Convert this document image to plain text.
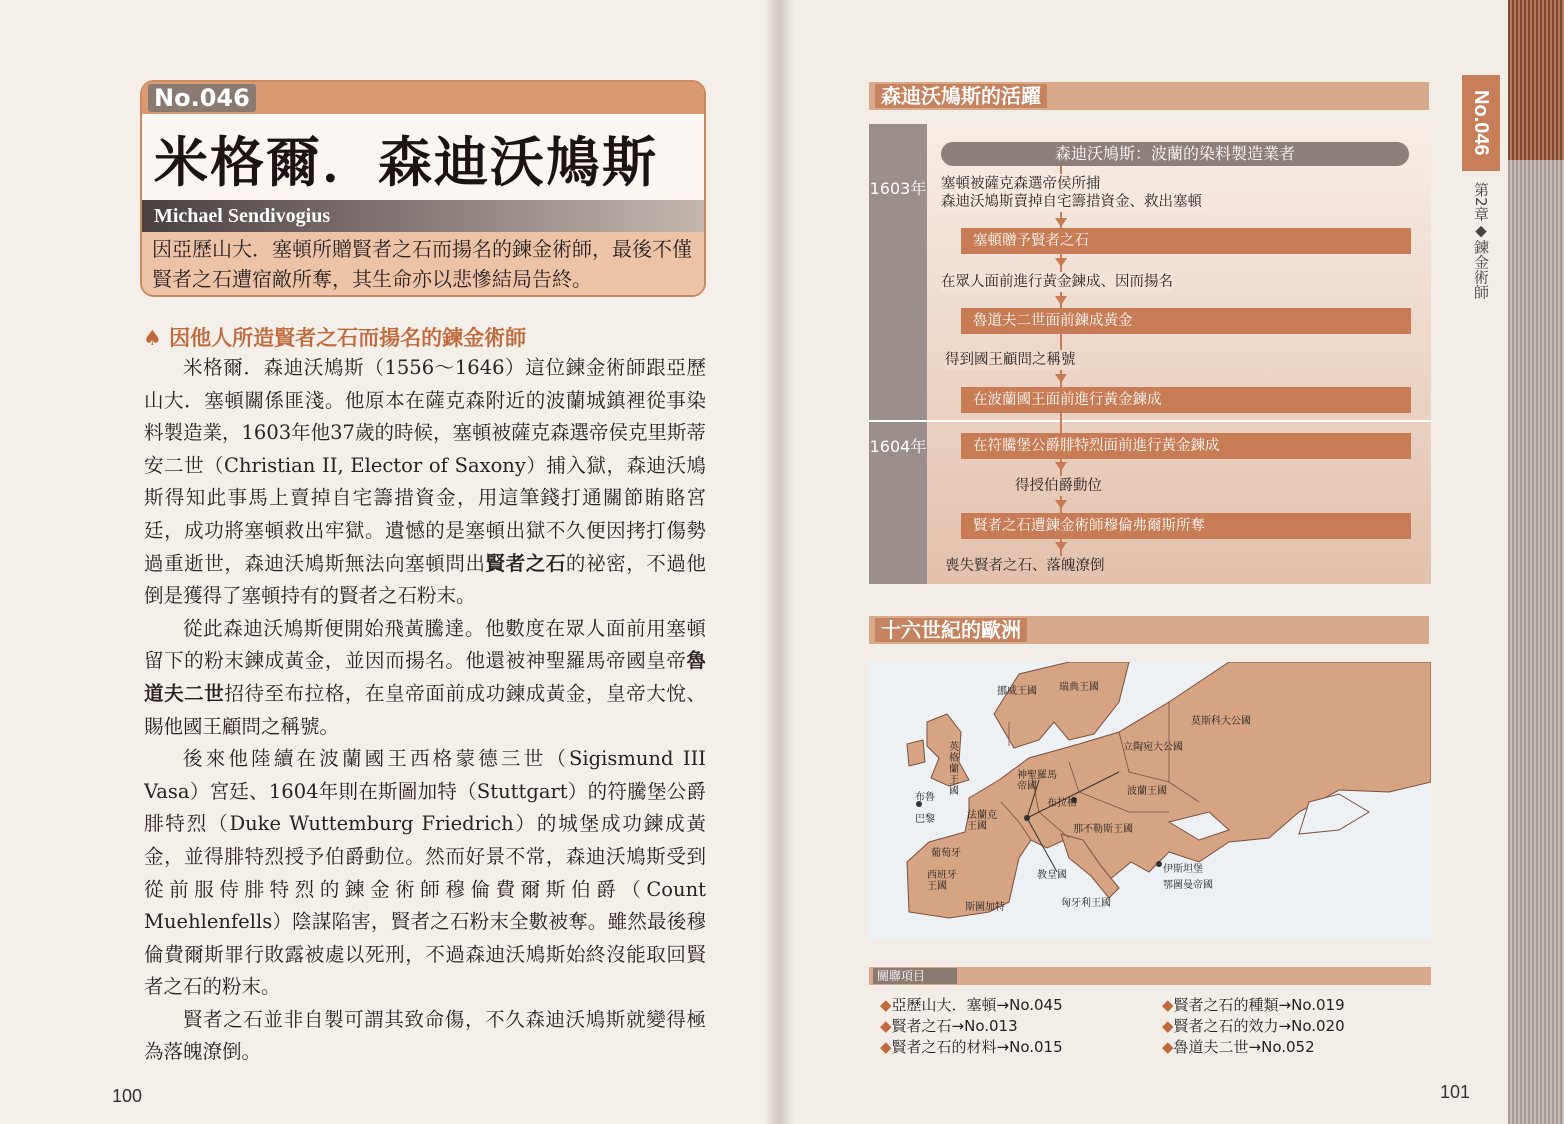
No.046
米格爾．森迪沃鳩斯
Michael Sendivogius
因亞歷山大．塞頓所贈賢者之石而揚名的鍊金術師，最後不僅賢者之石遭宿敵所奪，其生命亦以悲慘結局告終。
♠ 因他人所造賢者之石而揚名的鍊金術師

米格爾．森迪沃鳩斯（1556～1646）這位鍊金術師跟亞歷山大．塞頓關係匪淺。他原本在薩克森附近的波蘭城鎮裡從事染料製造業，1603年他37歲的時候，塞頓被薩克森選帝侯克里斯蒂安二世（Christian II, Elector of Saxony）捕入獄，森迪沃鳩斯得知此事馬上賣掉自宅籌措資金，用這筆錢打通關節賄賂宮廷，成功將塞頓救出牢獄。遺憾的是塞頓出獄不久便因拷打傷勢過重逝世，森迪沃鳩斯無法向塞頓問出賢者之石的祕密，不過他倒是獲得了塞頓持有的賢者之石粉末。

從此森迪沃鳩斯便開始飛黃騰達。他數度在眾人面前用塞頓留下的粉末鍊成黃金，並因而揚名。他還被神聖羅馬帝國皇帝魯道夫二世招待至布拉格，在皇帝面前成功鍊成黃金，皇帝大悅、賜他國王顧問之稱號。

後來他陸續在波蘭國王西格蒙德三世（Sigismund III Vasa）宮廷、1604年則在斯圖加特（Stuttgart）的符騰堡公爵腓特烈（Duke Wuttemburg Friedrich）的城堡成功鍊成黃金，並得腓特烈授予伯爵動位。然而好景不常，森迪沃鳩斯受到從前服侍腓特烈的鍊金術師穆倫費爾斯伯爵（Count Muehlenfells）陰謀陷害，賢者之石粉末全數被奪。雖然最後穆倫費爾斯罪行敗露被處以死刑，不過森迪沃鳩斯始終沒能取回賢者之石的粉末。

賢者之石並非自製可謂其致命傷，不久森迪沃鳩斯就變得極為落魄潦倒。

100
No.046
第2章◆鍊金術師
森迪沃鳩斯的活躍
1603年
1604年
森迪沃鳩斯：波蘭的染料製造業者
塞頓被薩克森選帝侯所捕
森迪沃鳩斯賣掉自宅籌措資金、救出塞頓
塞頓贈予賢者之石
在眾人面前進行黃金鍊成、因而揚名
魯道夫二世面前鍊成黃金
得到國王顧問之稱號
在波蘭國王面前進行黃金鍊成
在符騰堡公爵腓特烈面前進行黃金鍊成
得授伯爵動位
賢者之石遭鍊金術師穆倫弗爾斯所奪
喪失賢者之石、落魄潦倒
十六世紀的歐洲
挪威王國 瑞典王國
莫斯科大公國
立陶宛大公國
英格蘭王國
神聖羅馬帝國
布拉格
波蘭王國
布魯
巴黎	法蘭克王國	那不勒斯王國
葡萄牙
西班牙王國
教皇國
斯圖加特	匈牙利王國
伊斯坦堡
鄂圖曼帝國
關聯項目
◆亞歷山大．塞頓→No.045
◆賢者之石→No.013
◆賢者之石的材料→No.015
◆賢者之石的種類→No.019
◆賢者之石的效力→No.020
◆魯道夫二世→No.052
101
